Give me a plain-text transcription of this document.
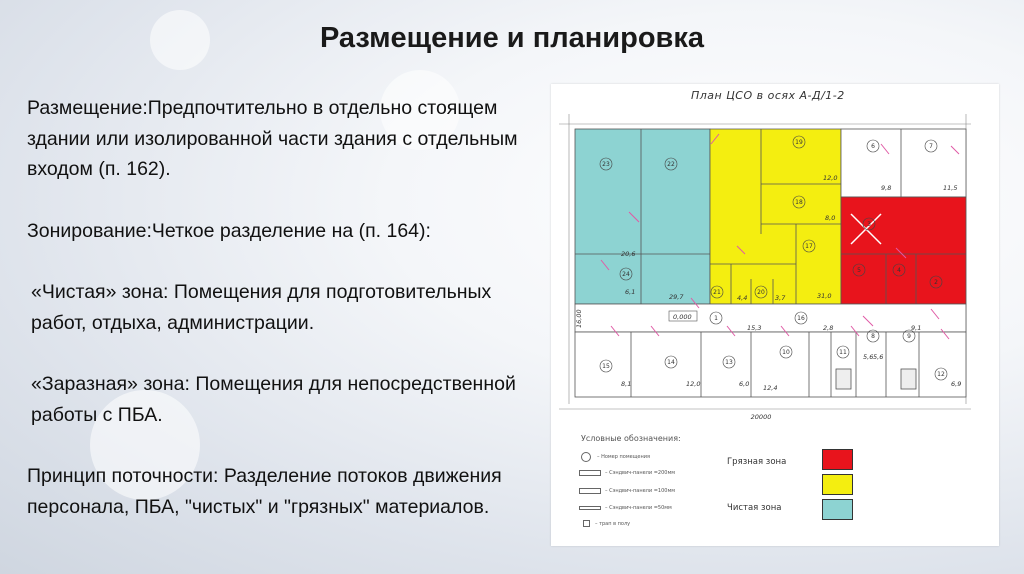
Размещение и планировка

Размещение:Предпочтительно в отдельно стоящем здании или изолированной части здания с отдельным входом (п. 162).

Зонирование:Четкое разделение на (п. 164):

«Чистая» зона: Помещения для подготовительных работ, отдыха, администрации.

«Заразная» зона: Помещения для непосредственной работы с ПБА.

Принцип поточности: Разделение потоков движения персонала, ПБА, "чистых" и "грязных" материалов.

План ЦСО в осях А-Д/1-2
23	22
24
19
6	7
18
3
17
5	4
2
21	20
1	16
15
14	13
10	11
8	9
12
20,6
6,1
29,7
12,0
8,0
9,8	11,5
4,4	3,7	31,0
16,00	0,000
15,3	2,8	9,1
8,1	12,0	6,0 12,4
5,6 5,6
6,9
20000
Условные обозначения:
– Номер помещения
– Сэндвич-панели =200мм
– Сэндвич-панели =100мм
– Сэндвич-панели =50мм
– трап в полу
Грязная зона
Чистая зона
